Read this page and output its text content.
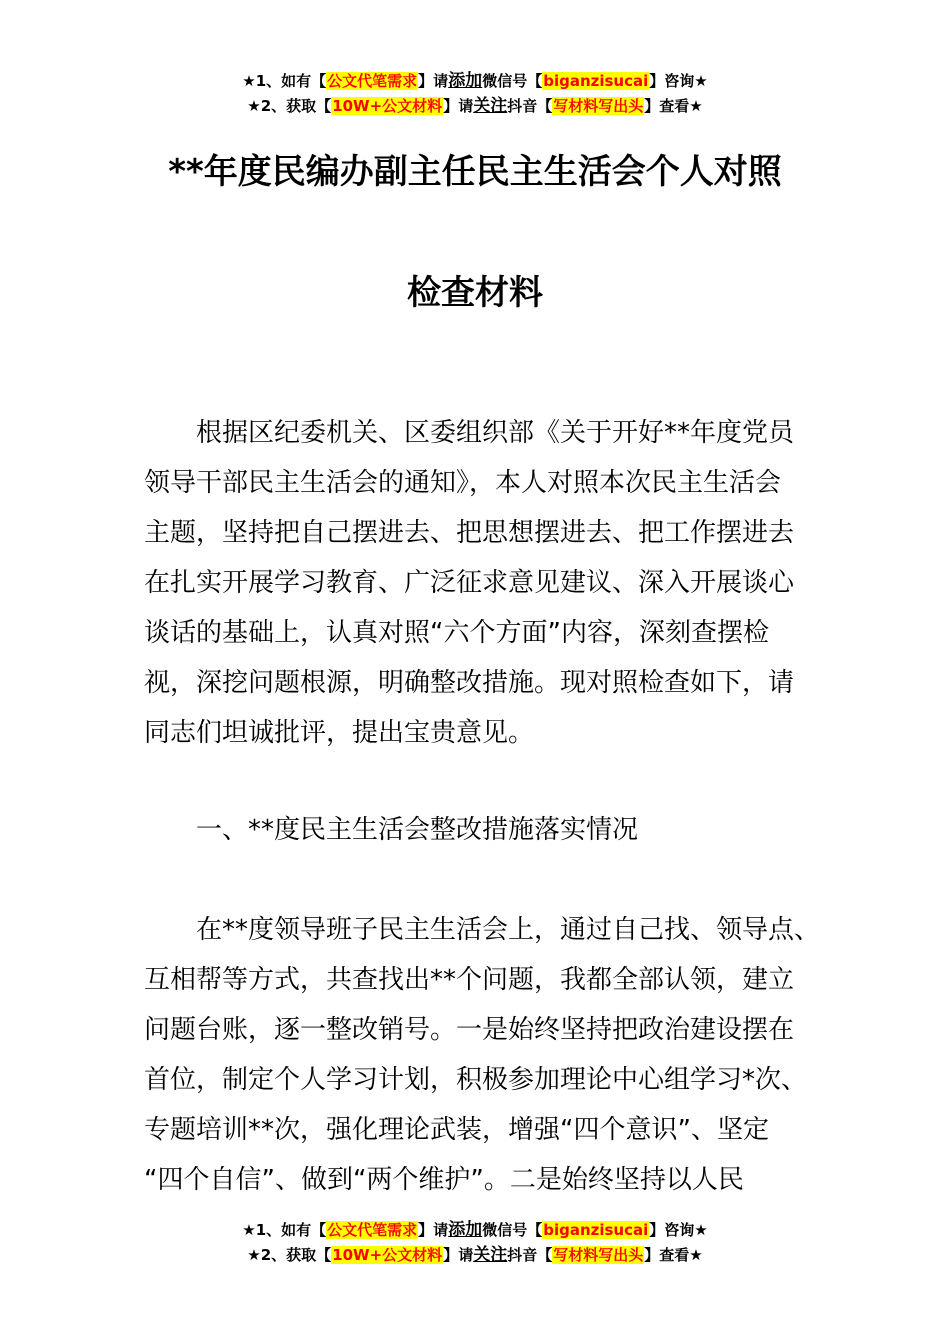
★1、如有【公文代笔需求】请添加微信号【biganzisucai】咨询★
★2、获取【10W+公文材料】请关注抖音【写材料写出头】查看★
**年度民编办副主任民主生活会个人对照
检查材料
　　根据区纪委机关、区委组织部《关于开好**年度党员
领导干部民主生活会的通知》，本人对照本次民主生活会
主题，坚持把自己摆进去、把思想摆进去、把工作摆进去
在扎实开展学习教育、广泛征求意见建议、深入开展谈心
谈话的基础上，认真对照“六个方面”内容，深刻查摆检
视，深挖问题根源，明确整改措施。现对照检查如下，请
同志们坦诚批评，提出宝贵意见。
　　一、**度民主生活会整改措施落实情况
　　在**度领导班子民主生活会上，通过自己找、领导点、
互相帮等方式，共查找出**个问题，我都全部认领，建立
问题台账，逐一整改销号。一是始终坚持把政治建设摆在
首位，制定个人学习计划，积极参加理论中心组学习*次、
专题培训**次，强化理论武装，增强“四个意识”、坚定
“四个自信”、做到“两个维护”。二是始终坚持以人民
★1、如有【公文代笔需求】请添加微信号【biganzisucai】咨询★
★2、获取【10W+公文材料】请关注抖音【写材料写出头】查看★
